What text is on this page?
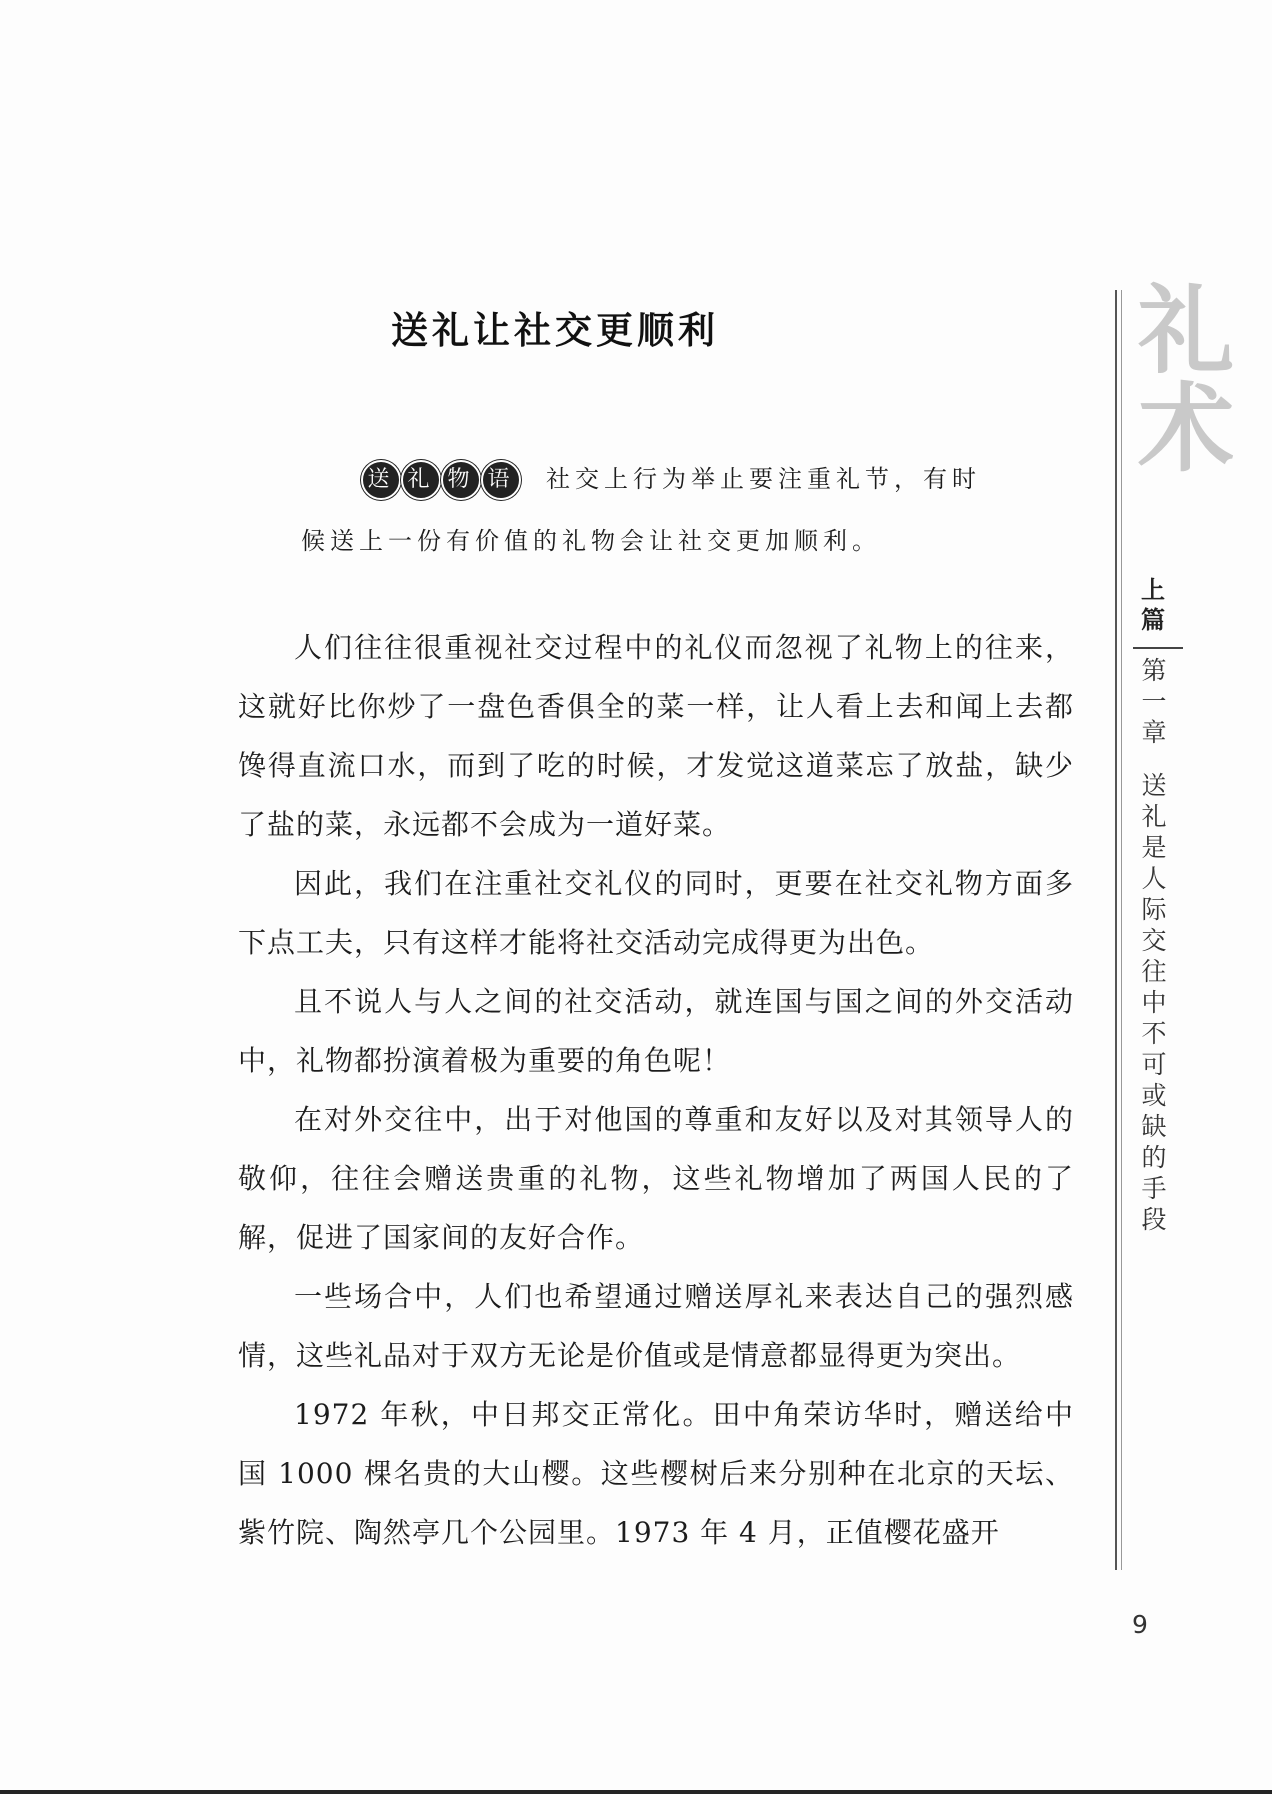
送礼让社交更顺利
送 礼 物 语 社交上行为举止要注重礼节，有时
候送上一份有价值的礼物会让社交更加顺利。

人们往往很重视社交过程中的礼仪而忽视了礼物上的往来，这就好比你炒了一盘色香俱全的菜一样，让人看上去和闻上去都馋得直流口水，而到了吃的时候，才发觉这道菜忘了放盐，缺少了盐的菜，永远都不会成为一道好菜。

因此，我们在注重社交礼仪的同时，更要在社交礼物方面多下点工夫，只有这样才能将社交活动完成得更为出色。

且不说人与人之间的社交活动，就连国与国之间的外交活动中，礼物都扮演着极为重要的角色呢！

在对外交往中，出于对他国的尊重和友好以及对其领导人的敬仰，往往会赠送贵重的礼物，这些礼物增加了两国人民的了解，促进了国家间的友好合作。

一些场合中，人们也希望通过赠送厚礼来表达自己的强烈感情，这些礼品对于双方无论是价值或是情意都显得更为突出。

1972 年秋，中日邦交正常化。田中角荣访华时，赠送给中国 1000 棵名贵的大山樱。这些樱树后来分别种在北京的天坛、紫竹院、陶然亭几个公园里。1973 年 4 月，正值樱花盛开

礼术
上篇
第一章
送礼是人际交往中不可或缺的手段
9
